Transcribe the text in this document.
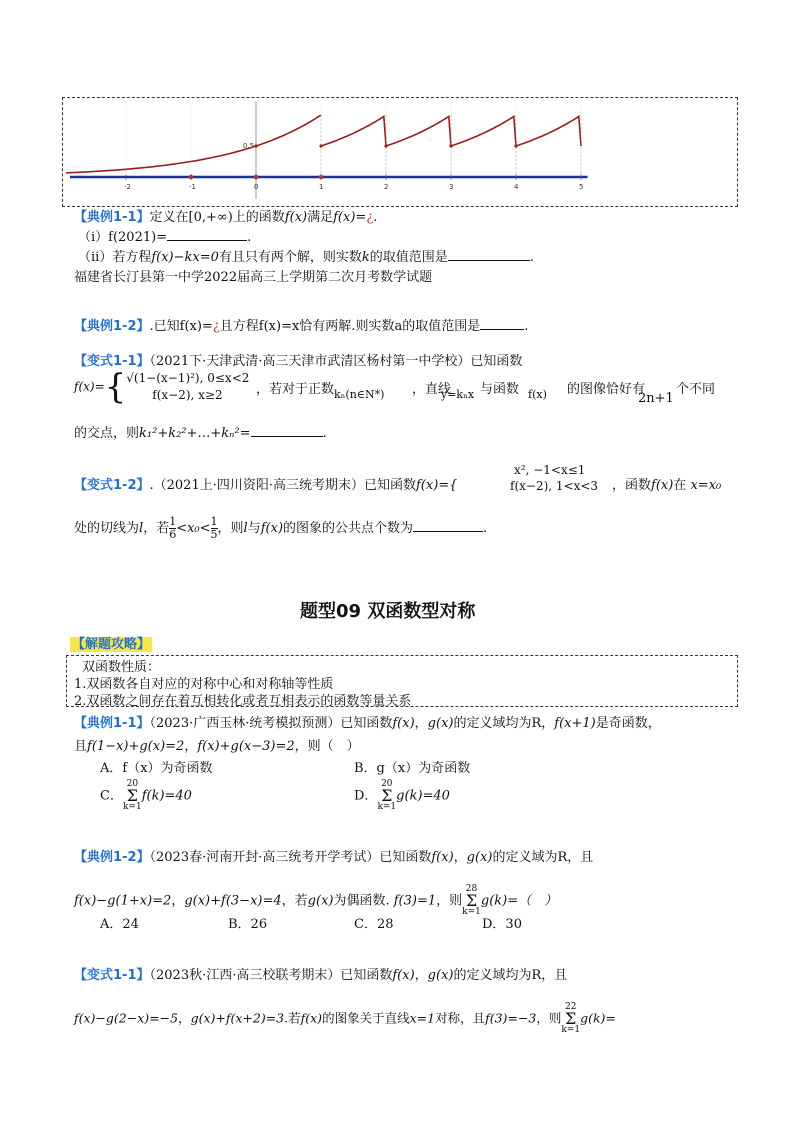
-2	-1	0	1	2	3	4	5
0.5
【典例1-1】定义在[0,+∞)上的函数f(x)满足f(x)=¿.
（i）f(2021)=	.
（ii）若方程f(x)−kx=0有且只有两个解，则实数k的取值范围是	.
福建省长汀县第一中学2022届高三上学期第二次月考数学试题
【典例1-2】.已知f(x)=¿且方程f(x)=x恰有两解.则实数a的取值范围是	.
【变式1-1】（2021下·天津武清·高三天津市武清区杨村第一中学校）已知函数
f(x)={ √(1−(x−1)²), 0≤x<2
f(x−2), x≥2	，若对于正数 kₙ(n∈N*) ，直线
y=kₙx 与函数 f(x) 的图像恰好有
2n+1
个不同
的交点，则k₁²+k₂²+…+kₙ²=	.
【变式1-2】.（2021上·四川资阳·高三统考期末）已知函数f(x)={
x², −1<x≤1
f(x−2), 1<x<3 ，函数f(x)在 x=x₀
处的切线为l，若 $\frac{1}{6} <x_0< \frac{1}{5}$ ，则l与f(x)的图象的公共点个数为	.
题型09 双函数型对称
【解题攻略】
双函数性质：
1.双函数各自对应的对称中心和对称轴等性质
2.双函数之间存在着互相转化或者互相表示的函数等量关系
【典例1-1】（2023·广西玉林·统考模拟预测）已知函数f(x)，g(x)的定义域均为R，f(x+1)是奇函数，
且f(1−x)+g(x)=2，f(x)+g(x−3)=2，则（　）
A．f（x）为奇函数	B．g（x）为奇函数
C．20
Σ
k=1f(k)=40	D．20
Σ
k=1g(k)=40
【典例1-2】（2023春·河南开封·高三统考开学考试）已知函数f(x)，g(x)的定义域为R，且
f(x)−g(1+x)=2，g(x)+f(3−x)=4，若g(x)为偶函数. f(3)=1，则28
Σ
k=1g(k)=（　）
A．24	B．26	C．28	D．30
【变式1-1】（2023秋·江西·高三校联考期末）已知函数f(x)，g(x)的定义域均为R，且
f(x)−g(2−x)=−5，g(x)+f(x+2)=3.若f(x)的图象关于直线x=1对称，且f(3)=−3，则22
Σ
k=1g(k)=
